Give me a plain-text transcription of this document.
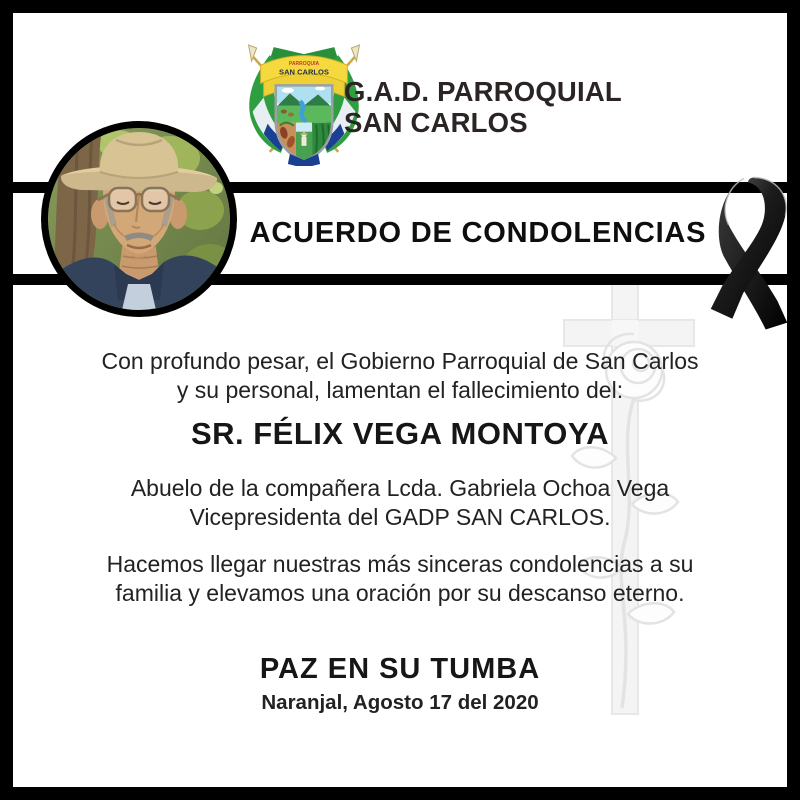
PARROQUIA
SAN CARLOS
G.A.D. PARROQUIAL
SAN CARLOS
ACUERDO DE CONDOLENCIAS
Con profundo pesar, el Gobierno Parroquial de San Carlos
y su personal, lamentan el fallecimiento del:
SR. FÉLIX VEGA MONTOYA
Abuelo de la compañera Lcda. Gabriela Ochoa Vega
Vicepresidenta del GADP SAN CARLOS.
Hacemos llegar nuestras más sinceras condolencias a su
familia y elevamos una oración por su descanso eterno.
PAZ EN SU TUMBA
Naranjal, Agosto 17 del 2020
